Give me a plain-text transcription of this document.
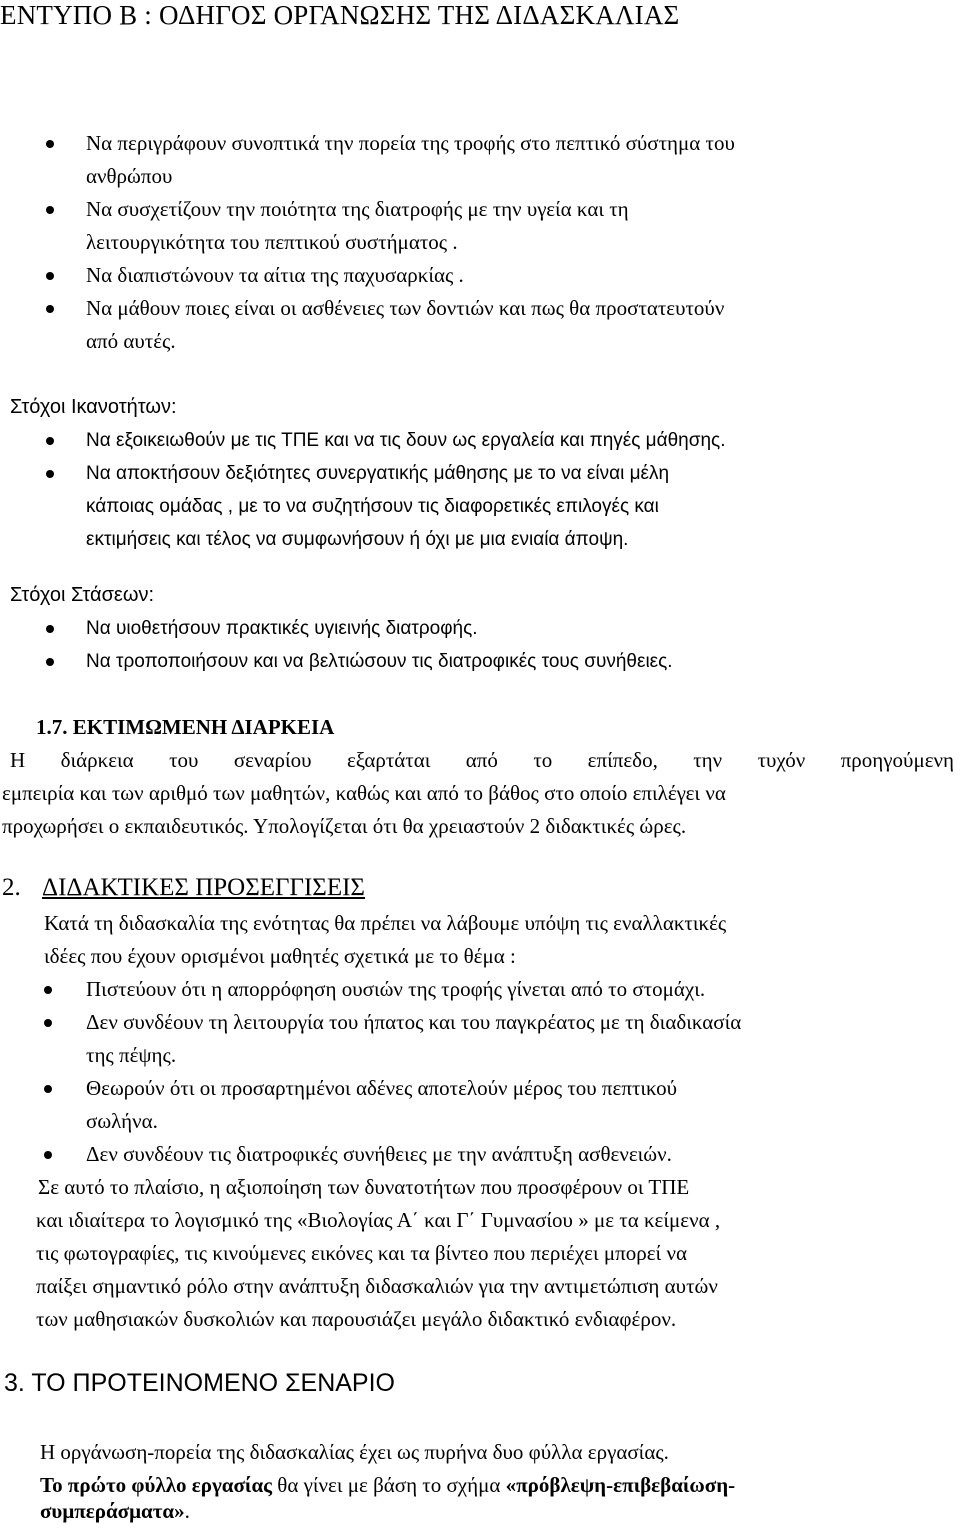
ΕΝΤΥΠΟ Β : ΟΔΗΓΟΣ ΟΡΓΑΝΩΣΗΣ ΤΗΣ ΔΙΔΑΣΚΑΛΙΑΣ
Να περιγράφουν συνοπτικά την πορεία της τροφής στο πεπτικό σύστημα του
ανθρώπου
Να συσχετίζουν την ποιότητα της διατροφής με την υγεία και τη
λειτουργικότητα του πεπτικού συστήματος .
Να διαπιστώνουν τα αίτια της παχυσαρκίας .
Να μάθουν ποιες είναι οι ασθένειες των δοντιών και πως θα προστατευτούν
από αυτές.
Στόχοι Ικανοτήτων:
Να εξοικειωθούν με τις ΤΠΕ και να τις δουν ως εργαλεία και πηγές μάθησης.
Να αποκτήσουν δεξιότητες συνεργατικής μάθησης με το να είναι μέλη
κάποιας ομάδας , με το να συζητήσουν τις διαφορετικές επιλογές και
εκτιμήσεις και τέλος να συμφωνήσουν ή όχι με μια ενιαία άποψη.
Στόχοι Στάσεων:
Να υιοθετήσουν πρακτικές υγιεινής διατροφής.
Να τροποποιήσουν και να βελτιώσουν τις διατροφικές τους συνήθειες.
1.7. ΕΚΤΙΜΩΜΕΝΗ ΔΙΑΡΚΕΙΑ
Η διάρκεια του σεναρίου εξαρτάται από το επίπεδο, την τυχόν προηγούμενη
εμπειρία και των αριθμό των μαθητών, καθώς και από το βάθος στο οποίο επιλέγει να
προχωρήσει ο εκπαιδευτικός. Υπολογίζεται ότι θα χρειαστούν 2 διδακτικές ώρες.
2. ΔΙΔΑΚΤΙΚΕΣ ΠΡΟΣΕΓΓΙΣΕΙΣ
Κατά τη διδασκαλία της ενότητας θα πρέπει να λάβουμε υπόψη τις εναλλακτικές
ιδέες που έχουν ορισμένοι μαθητές σχετικά με το θέμα :
Πιστεύουν ότι η απορρόφηση ουσιών της τροφής γίνεται από το στομάχι.
Δεν συνδέουν τη λειτουργία του ήπατος και του παγκρέατος με τη διαδικασία
της πέψης.
Θεωρούν ότι οι προσαρτημένοι αδένες αποτελούν μέρος του πεπτικού
σωλήνα.
Δεν συνδέουν τις διατροφικές συνήθειες με την ανάπτυξη ασθενειών.
Σε αυτό το πλαίσιο, η αξιοποίηση των δυνατοτήτων που προσφέρουν οι ΤΠΕ
και ιδιαίτερα το λογισμικό της «Βιολογίας Α΄ και Γ΄ Γυμνασίου » με τα κείμενα ,
τις φωτογραφίες, τις κινούμενες εικόνες και τα βίντεο που περιέχει μπορεί να
παίξει σημαντικό ρόλο στην ανάπτυξη διδασκαλιών για την αντιμετώπιση αυτών
των μαθησιακών δυσκολιών και παρουσιάζει μεγάλο διδακτικό ενδιαφέρον.
3. ΤΟ ΠΡΟΤΕΙΝΟΜΕΝΟ ΣΕΝΑΡΙΟ
Η οργάνωση-πορεία της διδασκαλίας έχει ως πυρήνα δυο φύλλα εργασίας.
Το πρώτο φύλλο εργασίας θα γίνει με βάση το σχήμα «πρόβλεψη-επιβεβαίωση-
συμπεράσματα».
